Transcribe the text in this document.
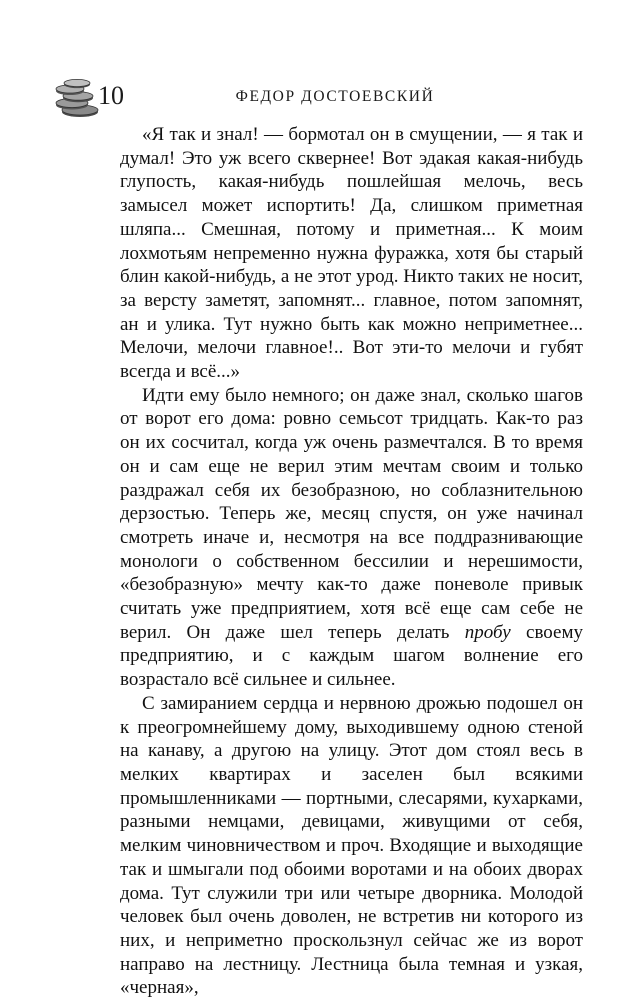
10	ФЕДОР ДОСТОЕВСКИЙ

«Я так и знал! — бормотал он в смущении, — я так и думал! Это уж всего сквернее! Вот эдакая какая-нибудь глупость, какая-нибудь пошлейшая мелочь, весь замысел может испортить! Да, слишком приметная шляпа... Смешная, потому и приметная... К моим лохмотьям непременно нужна фуражка, хотя бы старый блин какой-нибудь, а не этот урод. Никто таких не носит, за версту заметят, запомнят... главное, потом запомнят, ан и улика. Тут нужно быть как можно неприметнее... Мелочи, мелочи главное!.. Вот эти-то мелочи и губят всегда и всё...»

Идти ему было немного; он даже знал, сколько шагов от ворот его дома: ровно семьсот тридцать. Как-то раз он их сосчитал, когда уж очень размечтался. В то время он и сам еще не верил этим мечтам своим и только раздражал себя их безобразною, но соблазнительною дерзостью. Теперь же, месяц спустя, он уже начинал смотреть иначе и, несмотря на все поддразнивающие монологи о собственном бессилии и нерешимости, «безобразную» мечту как-то даже поневоле привык считать уже предприятием, хотя всё еще сам себе не верил. Он даже шел теперь делать пробу своему предприятию, и с каждым шагом волнение его возрастало всё сильнее и сильнее.

С замиранием сердца и нервною дрожью подошел он к преогромнейшему дому, выходившему одною стеной на канаву, а другою на улицу. Этот дом стоял весь в мелких квартирах и заселен был всякими промышленниками — портными, слесарями, кухарками, разными немцами, девицами, живущими от себя, мелким чиновничеством и проч. Входящие и выходящие так и шмыгали под обоими воротами и на обоих дворах дома. Тут служили три или четыре дворника. Молодой человек был очень доволен, не встретив ни которого из них, и неприметно проскользнул сейчас же из ворот направо на лестницу. Лестница была темная и узкая, «черная»,
